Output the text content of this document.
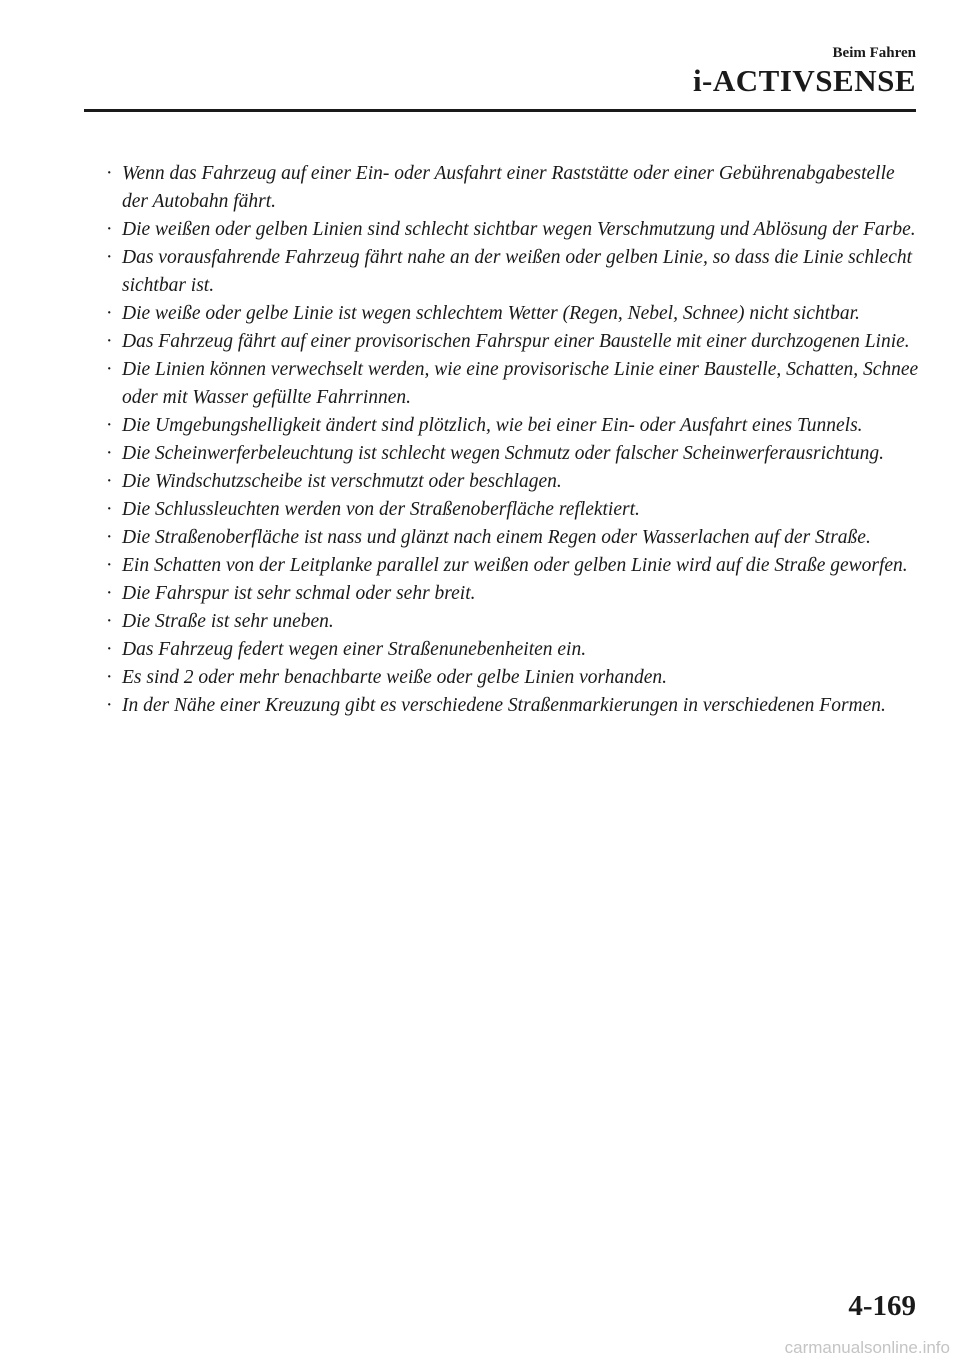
Beim Fahren
i-ACTIVSENSE
· Wenn das Fahrzeug auf einer Ein- oder Ausfahrt einer Raststätte oder einer Gebührenabgabestelle der Autobahn fährt.
· Die weißen oder gelben Linien sind schlecht sichtbar wegen Verschmutzung und Ablösung der Farbe.
· Das vorausfahrende Fahrzeug fährt nahe an der weißen oder gelben Linie, so dass die Linie schlecht sichtbar ist.
· Die weiße oder gelbe Linie ist wegen schlechtem Wetter (Regen, Nebel, Schnee) nicht sichtbar.
· Das Fahrzeug fährt auf einer provisorischen Fahrspur einer Baustelle mit einer durchzogenen Linie.
· Die Linien können verwechselt werden, wie eine provisorische Linie einer Baustelle, Schatten, Schnee oder mit Wasser gefüllte Fahrrinnen.
· Die Umgebungshelligkeit ändert sind plötzlich, wie bei einer Ein- oder Ausfahrt eines Tunnels.
· Die Scheinwerferbeleuchtung ist schlecht wegen Schmutz oder falscher Scheinwerferausrichtung.
· Die Windschutzscheibe ist verschmutzt oder beschlagen.
· Die Schlussleuchten werden von der Straßenoberfläche reflektiert.
· Die Straßenoberfläche ist nass und glänzt nach einem Regen oder Wasserlachen auf der Straße.
· Ein Schatten von der Leitplanke parallel zur weißen oder gelben Linie wird auf die Straße geworfen.
· Die Fahrspur ist sehr schmal oder sehr breit.
· Die Straße ist sehr uneben.
· Das Fahrzeug federt wegen einer Straßenunebenheiten ein.
· Es sind 2 oder mehr benachbarte weiße oder gelbe Linien vorhanden.
· In der Nähe einer Kreuzung gibt es verschiedene Straßenmarkierungen in verschiedenen Formen.
4-169
carmanualsonline.info
